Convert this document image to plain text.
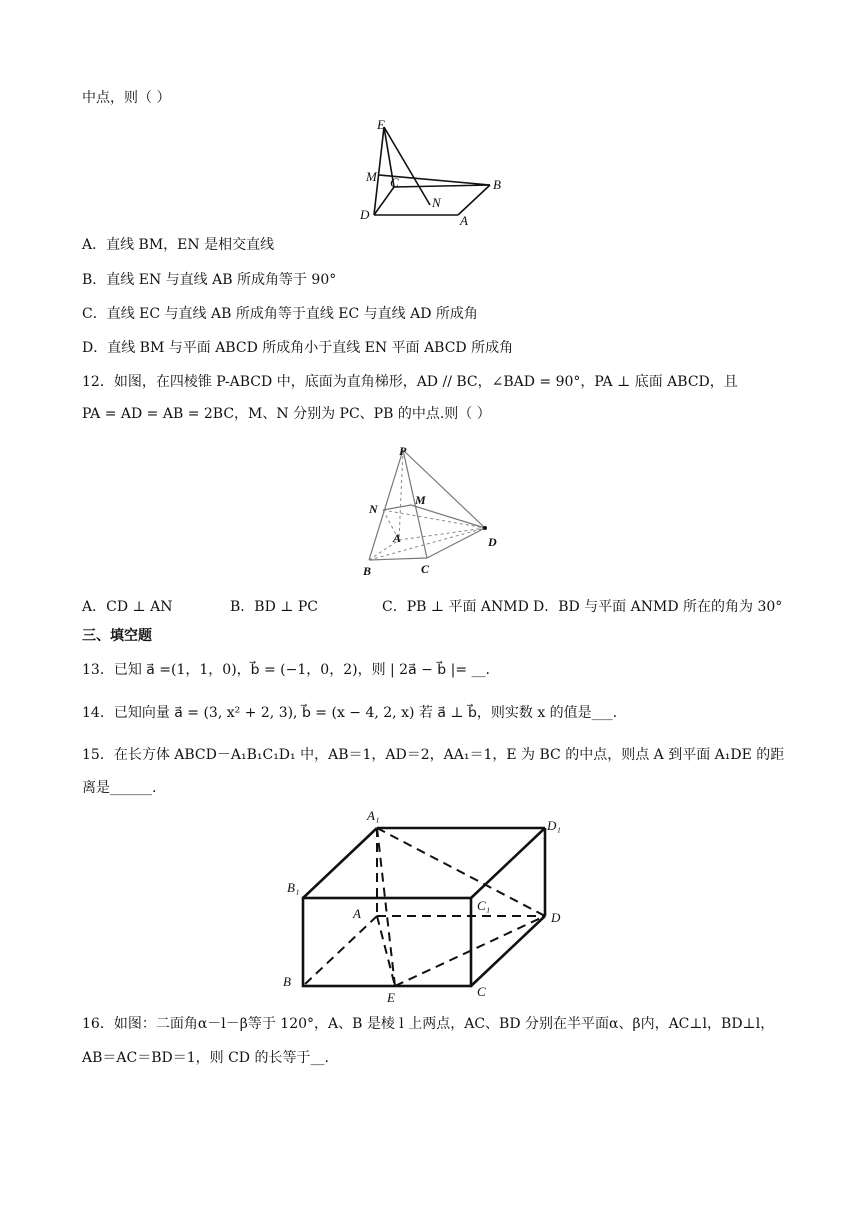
中点，则（ ）
E
M C	B
N
D	A
A．直线 BM，EN 是相交直线
B．直线 EN 与直线 AB 所成角等于 90°
C．直线 EC 与直线 AB 所成角等于直线 EC 与直线 AD 所成角
D．直线 BM 与平面 ABCD 所成角小于直线 EN 平面 ABCD 所成角
12．如图，在四棱锥 P-ABCD 中，底面为直角梯形，AD // BC，∠BAD = 90°，PA ⊥ 底面 ABCD，且
PA = AD = AB = 2BC，M、N 分别为 PC、PB 的中点.则（ ）
P
M
N
A	D
B	C
A．CD ⊥ AN	B．BD ⊥ PC	C．PB ⊥ 平面 ANMD D．BD 与平面 ANMD 所在的角为 30°
三、填空题
13．已知 a⃗ =(1，1，0)，b⃗ = (−1，0，2)，则 | 2a⃗ − b⃗ |= __.
14．已知向量 a⃗ = (3, x² + 2, 3), b⃗ = (x − 4, 2, x) 若 a⃗ ⊥ b⃗，则实数 x 的值是___.
15．在长方体 ABCD－A₁B₁C₁D₁ 中，AB＝1，AD＝2，AA₁＝1，E 为 BC 的中点，则点 A 到平面 A₁DE 的距
离是______.
A₁
D₁
B₁
A
C₁
D
B
E	C
16．如图：二面角α－l－β等于 120°，A、B 是棱 l 上两点，AC、BD 分别在半平面α、β内，AC⊥l，BD⊥l，
AB＝AC＝BD＝1，则 CD 的长等于__.
